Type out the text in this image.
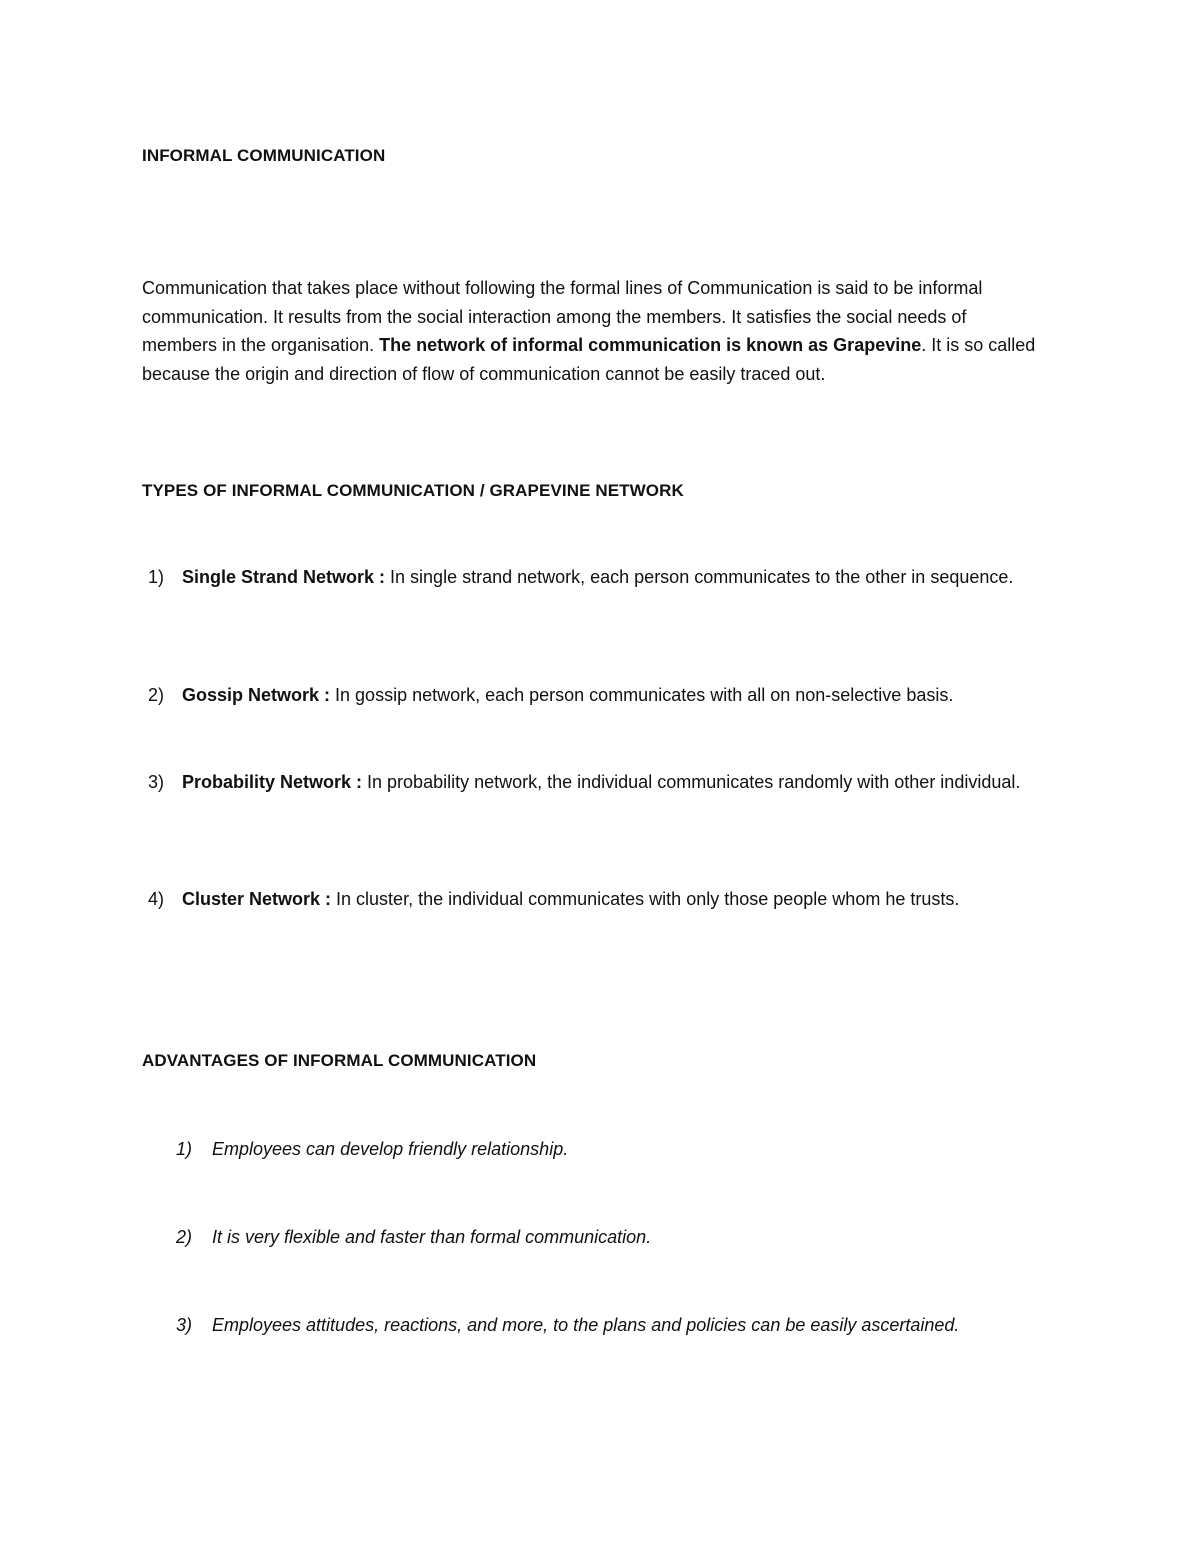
INFORMAL COMMUNICATION

Communication that takes place without following the formal lines of Communication is said to be informal communication. It results from the social interaction among the members. It satisfies the social needs of members in the organisation. The network of informal communication is known as Grapevine. It is so called because the origin and direction of flow of communication cannot be easily traced out.

TYPES OF INFORMAL COMMUNICATION / GRAPEVINE NETWORK

1) Single Strand Network : In single strand network, each person communicates to the other in sequence.
2) Gossip Network : In gossip network, each person communicates with all on non-selective basis.
3) Probability Network : In probability network, the individual communicates randomly with other individual.
4) Cluster Network : In cluster, the individual communicates with only those people whom he trusts.

ADVANTAGES OF INFORMAL COMMUNICATION

1) Employees can develop friendly relationship.
2) It is very flexible and faster than formal communication.
3) Employees attitudes, reactions, and more, to the plans and policies can be easily ascertained.
